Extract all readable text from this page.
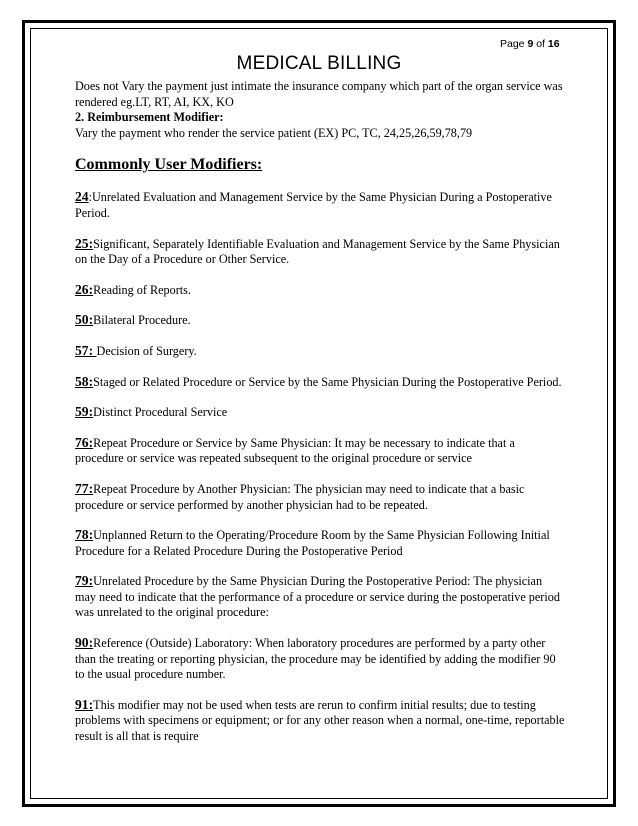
Page 9 of 16
MEDICAL BILLING

Does not Vary the payment just intimate the insurance company which part of the organ service was rendered eg.LT, RT, AI, KX, KO

2. Reimbursement Modifier:

Vary the payment who render the service patient (EX) PC, TC, 24,25,26,59,78,79

Commonly User Modifiers:

24:Unrelated Evaluation and Management Service by the Same Physician During a Postoperative Period.

25:Significant, Separately Identifiable Evaluation and Management Service by the Same Physician on the Day of a Procedure or Other Service.

26:Reading of Reports.

50:Bilateral Procedure.

57: Decision of Surgery.

58:Staged or Related Procedure or Service by the Same Physician During the Postoperative Period.

59:Distinct Procedural Service

76:Repeat Procedure or Service by Same Physician: It may be necessary to indicate that a procedure or service was repeated subsequent to the original procedure or service

77:Repeat Procedure by Another Physician: The physician may need to indicate that a basic procedure or service performed by another physician had to be repeated.

78:Unplanned Return to the Operating/Procedure Room by the Same Physician Following Initial Procedure for a Related Procedure During the Postoperative Period

79:Unrelated Procedure by the Same Physician During the Postoperative Period: The physician may need to indicate that the performance of a procedure or service during the postoperative period was unrelated to the original procedure:

90:Reference (Outside) Laboratory: When laboratory procedures are performed by a party other than the treating or reporting physician, the procedure may be identified by adding the modifier 90 to the usual procedure number.

91:This modifier may not be used when tests are rerun to confirm initial results; due to testing problems with specimens or equipment; or for any other reason when a normal, one-time, reportable result is all that is require
